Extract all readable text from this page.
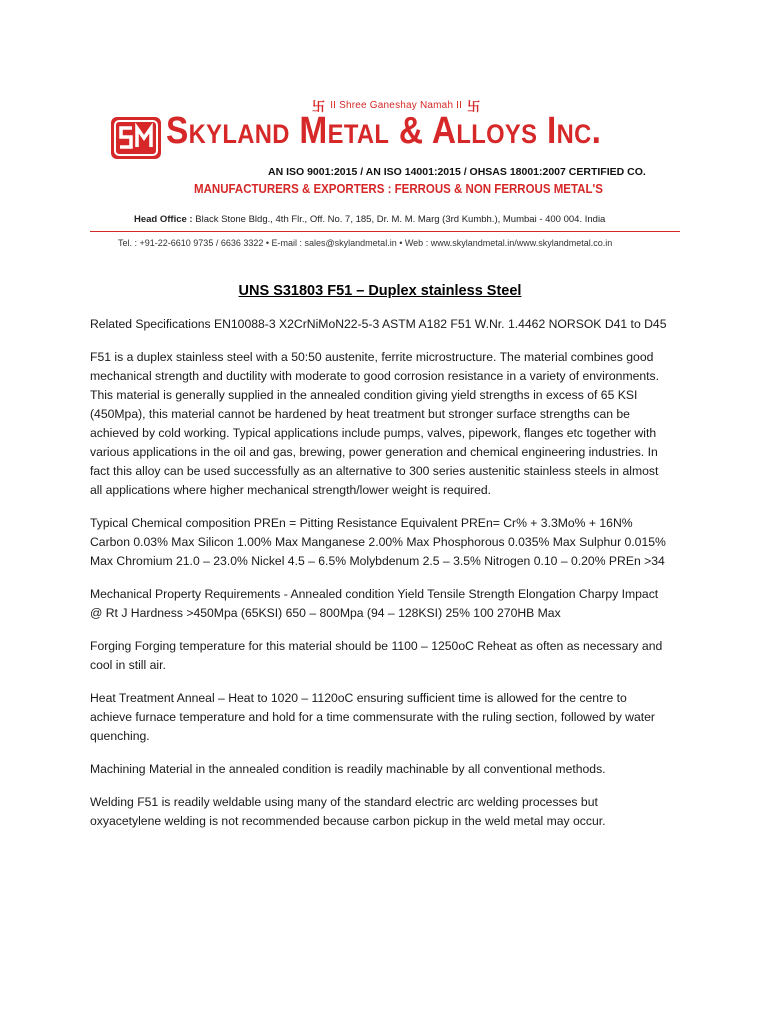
卐 II Shree Ganeshay Namah II 卐
Skyland Metal & Alloys Inc.
AN ISO 9001:2015 / AN ISO 14001:2015 / OHSAS 18001:2007 CERTIFIED CO.
MANUFACTURERS & EXPORTERS : FERROUS & NON FERROUS METAL'S
Head Office : Black Stone Bldg., 4th Flr., Off. No. 7, 185, Dr. M. M. Marg (3rd Kumbh.), Mumbai - 400 004. India
Tel. : +91-22-6610 9735 / 6636 3322 • E-mail : sales@skylandmetal.in • Web : www.skylandmetal.in/www.skylandmetal.co.in
UNS S31803 F51 – Duplex stainless Steel

Related Specifications EN10088-3 X2CrNiMoN22-5-3 ASTM A182 F51 W.Nr. 1.4462 NORSOK D41 to D45

F51 is a duplex stainless steel with a 50:50 austenite, ferrite microstructure. The material combines good mechanical strength and ductility with moderate to good corrosion resistance in a variety of environments. This material is generally supplied in the annealed condition giving yield strengths in excess of 65 KSI (450Mpa), this material cannot be hardened by heat treatment but stronger surface strengths can be achieved by cold working. Typical applications include pumps, valves, pipework, flanges etc together with various applications in the oil and gas, brewing, power generation and chemical engineering industries. In fact this alloy can be used successfully as an alternative to 300 series austenitic stainless steels in almost all applications where higher mechanical strength/lower weight is required.

Typical Chemical composition PREn = Pitting Resistance Equivalent PREn= Cr% + 3.3Mo% + 16N% Carbon 0.03% Max Silicon 1.00% Max Manganese 2.00% Max Phosphorous 0.035% Max Sulphur 0.015% Max Chromium 21.0 – 23.0% Nickel 4.5 – 6.5% Molybdenum 2.5 – 3.5% Nitrogen 0.10 – 0.20% PREn >34

Mechanical Property Requirements - Annealed condition Yield Tensile Strength Elongation Charpy Impact @ Rt J Hardness >450Mpa (65KSI) 650 – 800Mpa (94 – 128KSI) 25% 100 270HB Max

Forging Forging temperature for this material should be 1100 – 1250oC Reheat as often as necessary and cool in still air.

Heat Treatment Anneal – Heat to 1020 – 1120oC ensuring sufficient time is allowed for the centre to achieve furnace temperature and hold for a time commensurate with the ruling section, followed by water quenching.

Machining Material in the annealed condition is readily machinable by all conventional methods.

Welding F51 is readily weldable using many of the standard electric arc welding processes but oxyacetylene welding is not recommended because carbon pickup in the weld metal may occur.
